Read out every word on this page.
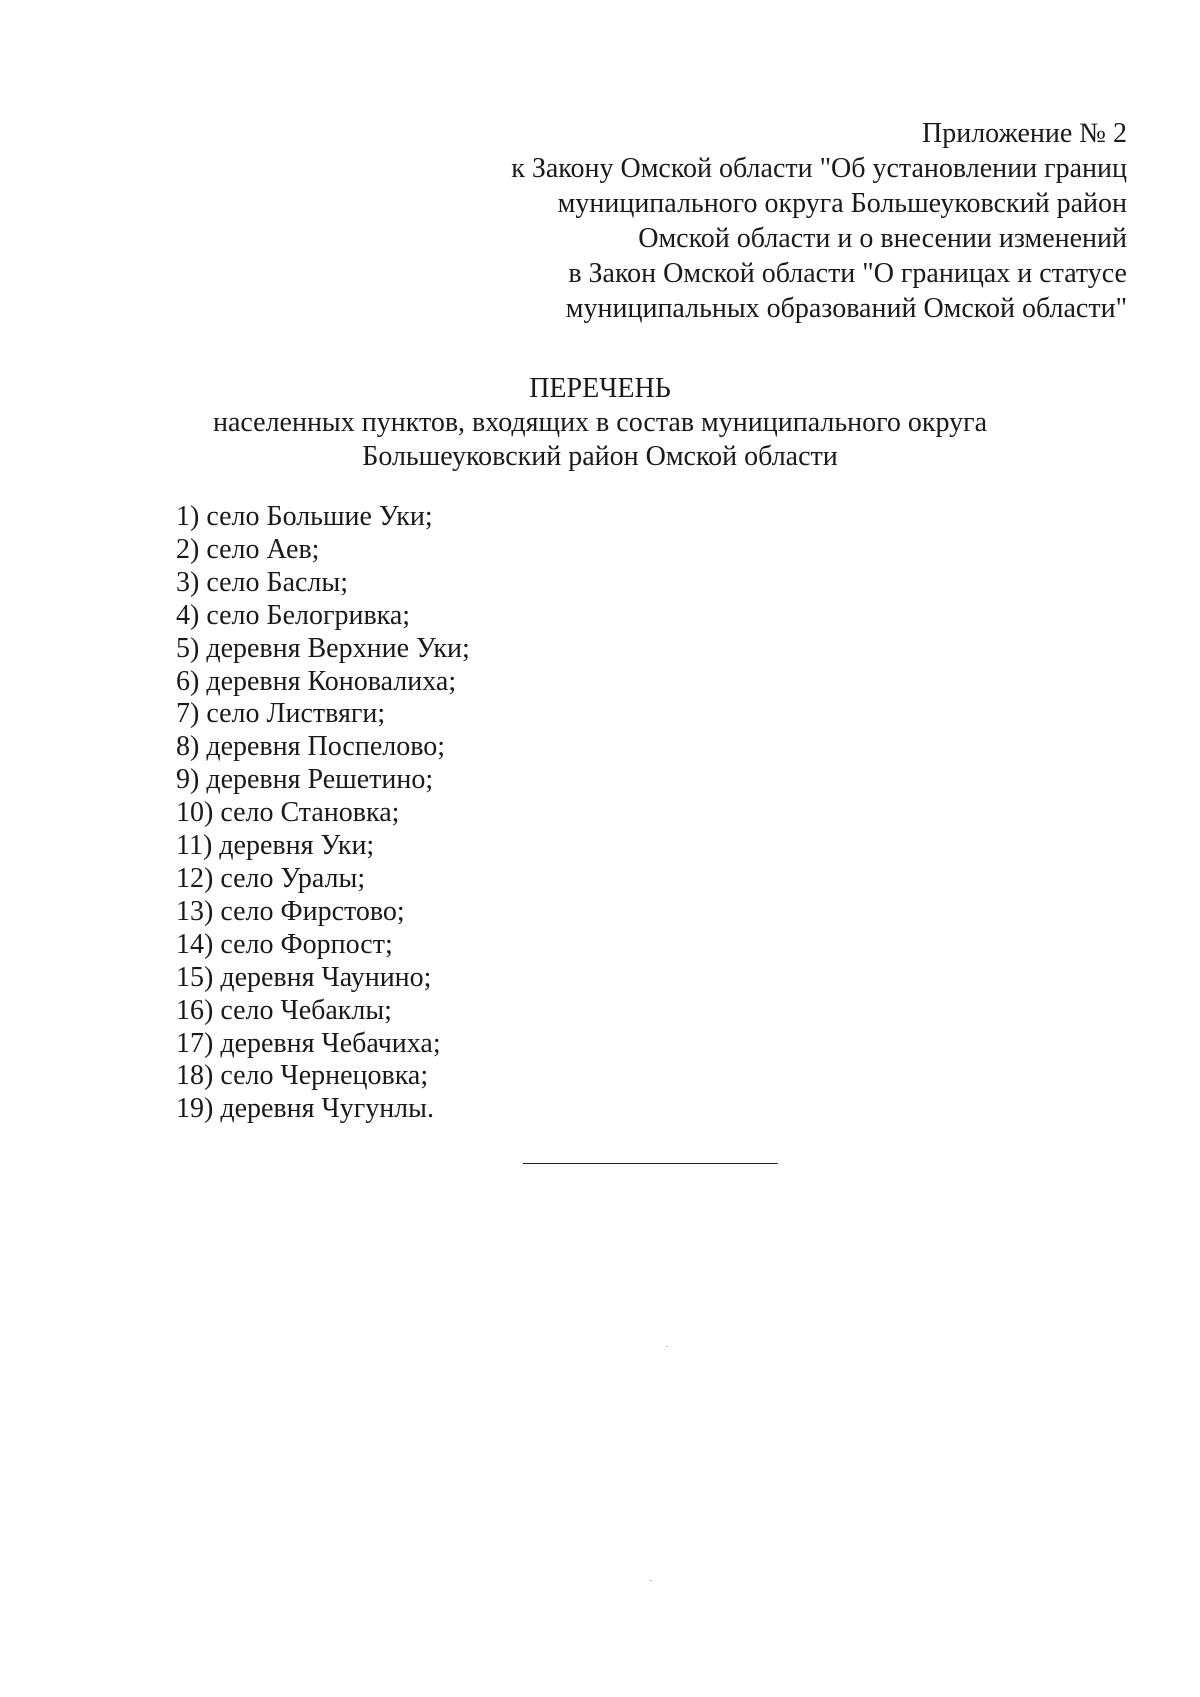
Приложение № 2
к Закону Омской области "Об установлении границ
муниципального округа Большеуковский район
Омской области и о внесении изменений
в Закон Омской области "О границах и статусе
муниципальных образований Омской области"
ПЕРЕЧЕНЬ
населенных пунктов, входящих в состав муниципального округа
Большеуковский район Омской области
1) село Большие Уки;
2) село Аев;
3) село Баслы;
4) село Белогривка;
5) деревня Верхние Уки;
6) деревня Коновалиха;
7) село Листвяги;
8) деревня Поспелово;
9) деревня Решетино;
10) село Становка;
11) деревня Уки;
12) село Уралы;
13) село Фирстово;
14) село Форпост;
15) деревня Чаунино;
16) село Чебаклы;
17) деревня Чебачиха;
18) село Чернецовка;
19) деревня Чугунлы.
